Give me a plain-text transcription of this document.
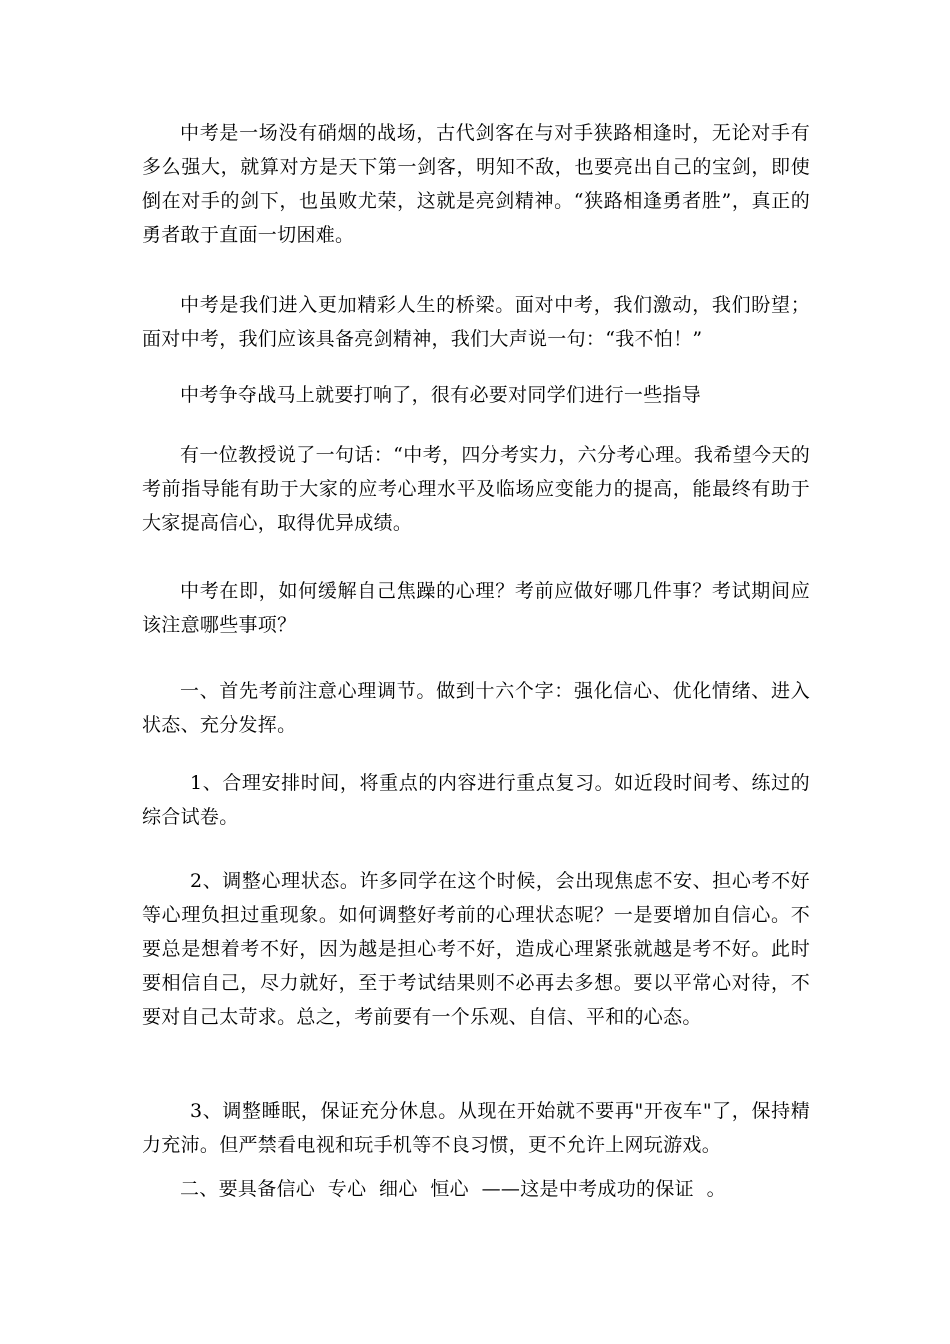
中考是一场没有硝烟的战场，古代剑客在与对手狭路相逢时，无论对手有多么强大，就算对方是天下第一剑客，明知不敌，也要亮出自己的宝剑，即使倒在对手的剑下，也虽败尤荣，这就是亮剑精神。“狭路相逢勇者胜”，真正的勇者敢于直面一切困难。

中考是我们进入更加精彩人生的桥梁。面对中考，我们激动，我们盼望；面对中考，我们应该具备亮剑精神，我们大声说一句：“我不怕！”

中考争夺战马上就要打响了，很有必要对同学们进行一些指导

有一位教授说了一句话：“中考，四分考实力，六分考心理。我希望今天的考前指导能有助于大家的应考心理水平及临场应变能力的提高，能最终有助于大家提高信心，取得优异成绩。

中考在即，如何缓解自己焦躁的心理？考前应做好哪几件事？考试期间应该注意哪些事项？

一、首先考前注意心理调节。做到十六个字：强化信心、优化情绪、进入状态、充分发挥。

1、合理安排时间，将重点的内容进行重点复习。如近段时间考、练过的综合试卷。

2、调整心理状态。许多同学在这个时候，会出现焦虑不安、担心考不好等心理负担过重现象。如何调整好考前的心理状态呢？一是要增加自信心。不要总是想着考不好，因为越是担心考不好，造成心理紧张就越是考不好。此时要相信自己，尽力就好，至于考试结果则不必再去多想。要以平常心对待，不要对自己太苛求。总之，考前要有一个乐观、自信、平和的心态。

3、调整睡眠，保证充分休息。从现在开始就不要再"开夜车"了，保持精力充沛。但严禁看电视和玩手机等不良习惯，更不允许上网玩游戏。

二、要具备信心  专心  细心  恒心  ——这是中考成功的保证  。
